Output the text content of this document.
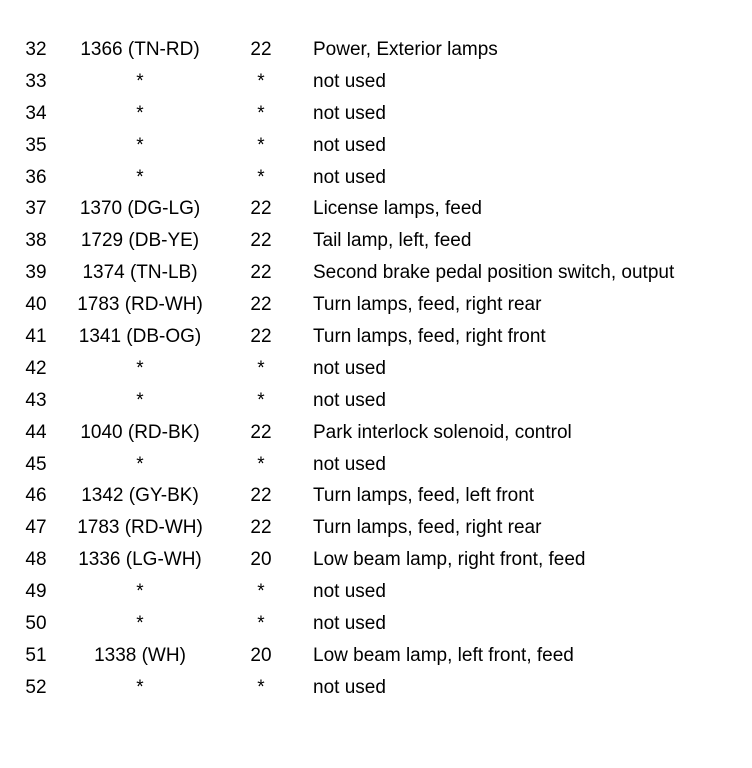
32	1366 (TN-RD)	22	Power, Exterior lamps
33	*	*	not used
34	*	*	not used
35	*	*	not used
36	*	*	not used
37	1370 (DG-LG)	22	License lamps, feed
38	1729 (DB-YE)	22	Tail lamp, left, feed
39	1374 (TN-LB)	22	Second brake pedal position switch, output
40	1783 (RD-WH)	22	Turn lamps, feed, right rear
41	1341 (DB-OG)	22	Turn lamps, feed, right front
42	*	*	not used
43	*	*	not used
44	1040 (RD-BK)	22	Park interlock solenoid, control
45	*	*	not used
46	1342 (GY-BK)	22	Turn lamps, feed, left front
47	1783 (RD-WH)	22	Turn lamps, feed, right rear
48	1336 (LG-WH)	20	Low beam lamp, right front, feed
49	*	*	not used
50	*	*	not used
51	1338 (WH)	20	Low beam lamp, left front, feed
52	*	*	not used
